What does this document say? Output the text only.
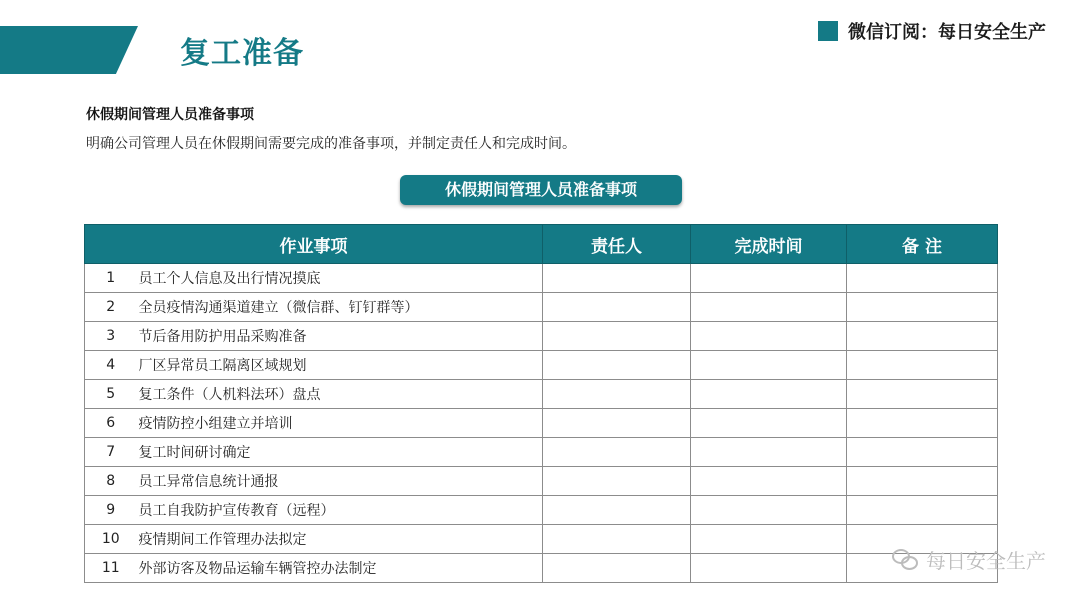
复工准备
微信订阅：每日安全生产
休假期间管理人员准备事项
明确公司管理人员在休假期间需要完成的准备事项，并制定责任人和完成时间。
休假期间管理人员准备事项
作业事项		责任人	完成时间	备 注
1	员工个人信息及出行情况摸底			
2	全员疫情沟通渠道建立（微信群、钉钉群等）			
3	节后备用防护用品采购准备			
4	厂区异常员工隔离区域规划			
5	复工条件（人机料法环）盘点			
6	疫情防控小组建立并培训			
7	复工时间研讨确定			
8	员工异常信息统计通报			
9	员工自我防护宣传教育（远程）			
10	疫情期间工作管理办法拟定			
11	外部访客及物品运输车辆管控办法制定				每日安全生产
